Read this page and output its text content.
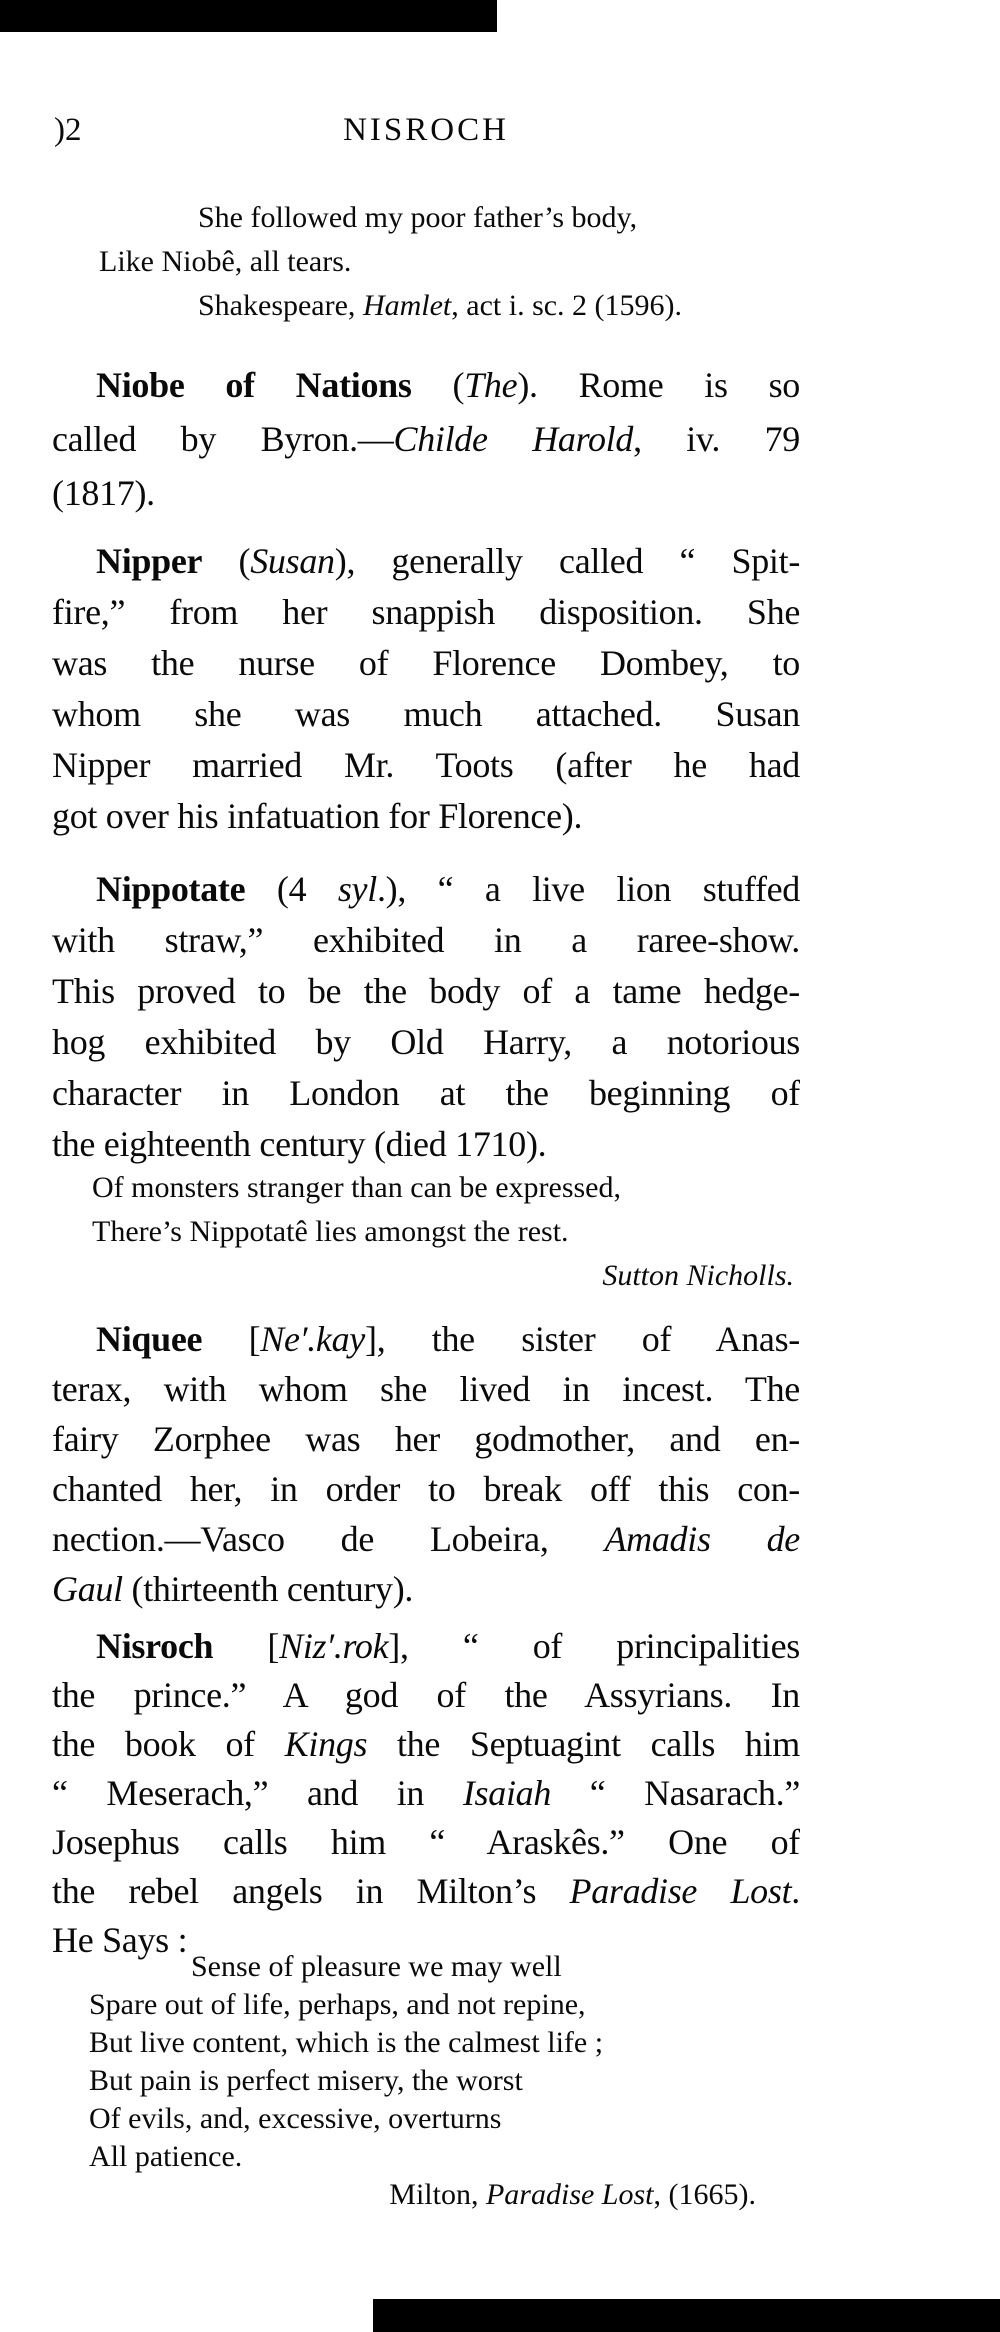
)2	NISROCH
She followed my poor father’s body,
Like Niobê, all tears.
Shakespeare, Hamlet, act i. sc. 2 (1596).
Niobe of Nations (The). Rome is so
called by Byron.—Childe Harold, iv. 79
(1817).
Nipper (Susan), generally called “ Spit-
fire,” from her snappish disposition. She
was the nurse of Florence Dombey, to
whom she was much attached. Susan
Nipper married Mr. Toots (after he had
got over his infatuation for Florence).
Nippotate (4 syl.), “ a live lion stuffed
with straw,” exhibited in a raree-show.
This proved to be the body of a tame hedge-
hog exhibited by Old Harry, a notorious
character in London at the beginning of
the eighteenth century (died 1710).
Of monsters stranger than can be expressed,
There’s Nippotatê lies amongst the rest.
Sutton Nicholls.
Niquee [Ne′.kay], the sister of Anas-
terax, with whom she lived in incest. The
fairy Zorphee was her godmother, and en-
chanted her, in order to break off this con-
nection.—Vasco de Lobeira, Amadis de
Gaul (thirteenth century).
Nisroch [Niz′.rok], “ of principalities
the prince.” A god of the Assyrians. In
the book of Kings the Septuagint calls him
“ Meserach,” and in Isaiah “ Nasarach.”
Josephus calls him “ Araskês.” One of
the rebel angels in Milton’s Paradise Lost.
He Says :
Sense of pleasure we may well
Spare out of life, perhaps, and not repine,
But live content, which is the calmest life ;
But pain is perfect misery, the worst
Of evils, and, excessive, overturns
All patience.
Milton, Paradise Lost, (1665).
